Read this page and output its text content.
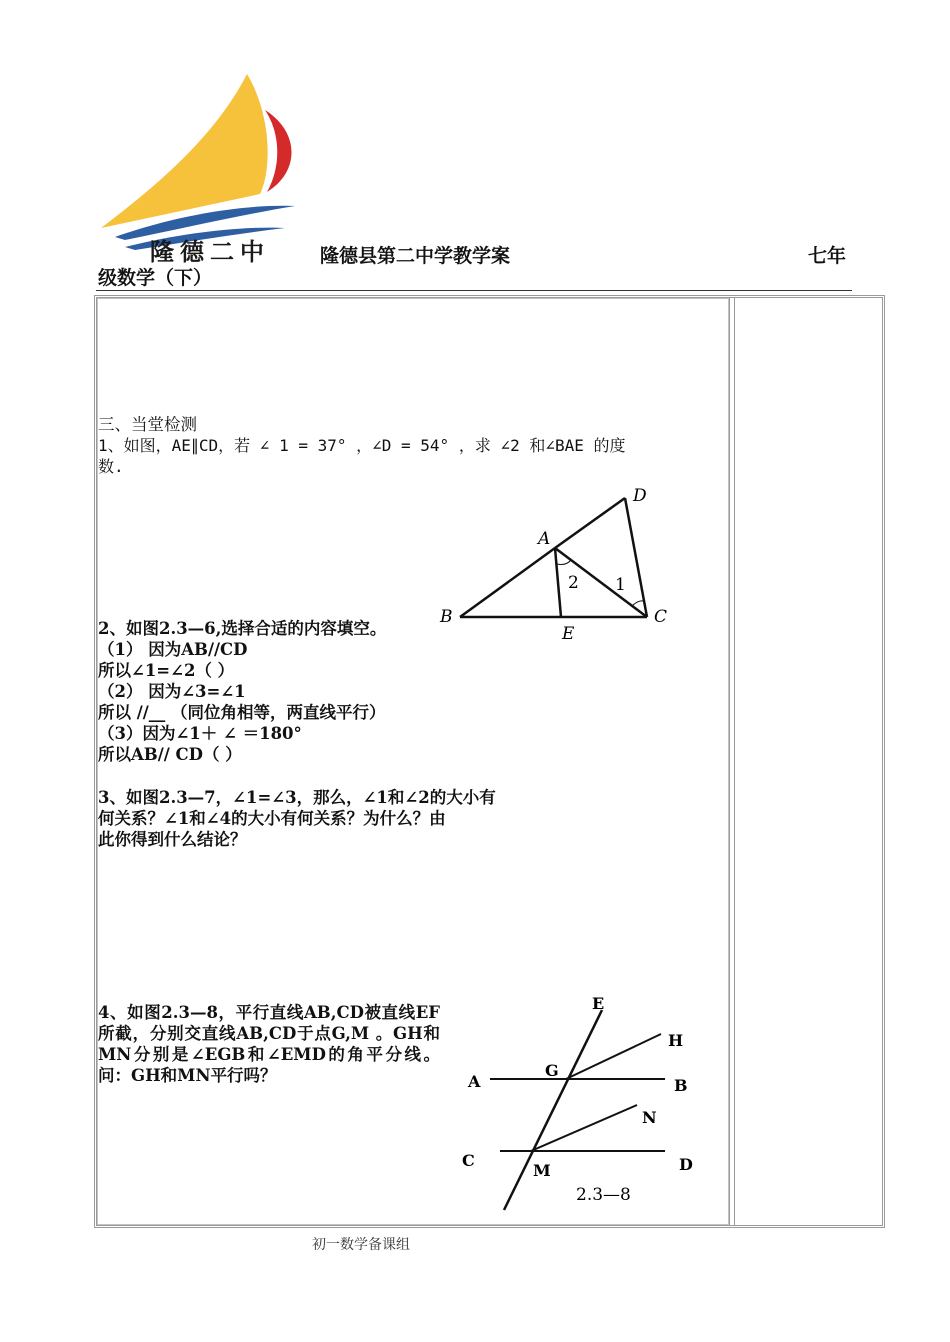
隆德二中	隆德县第二中学教学案	七年
级数学（下）
三、当堂检测
1、如图，AE∥CD，若 ∠ 1 = 37° ，∠D = 54° ，求 ∠2 和∠BAE 的度
数.
D
A
2 1
B
E
C
2、如图2.3—6,选择合适的内容填空。
（1） 因为AB//CD
所以∠1=∠2（ ）
（2） 因为∠3=∠1
所以 //__ （同位角相等，两直线平行）
（3）因为∠1＋ ∠ ＝180°
所以AB// CD（ ）
3、如图2.3—7，∠1=∠3，那么，∠1和∠2的大小有
何关系？∠1和∠4的大小有何关系？为什么？由
此你得到什么结论？
4、如图2.3—8，平行直线AB,CD被直线EF所截，分别交直线AB,CD于点G,M 。GH和MN分别是∠EGB和∠EMD的角平分线。问：GH和MN平行吗？
E
H
G
A	B
N
C
M	D
2.3—8
初一数学备课组
